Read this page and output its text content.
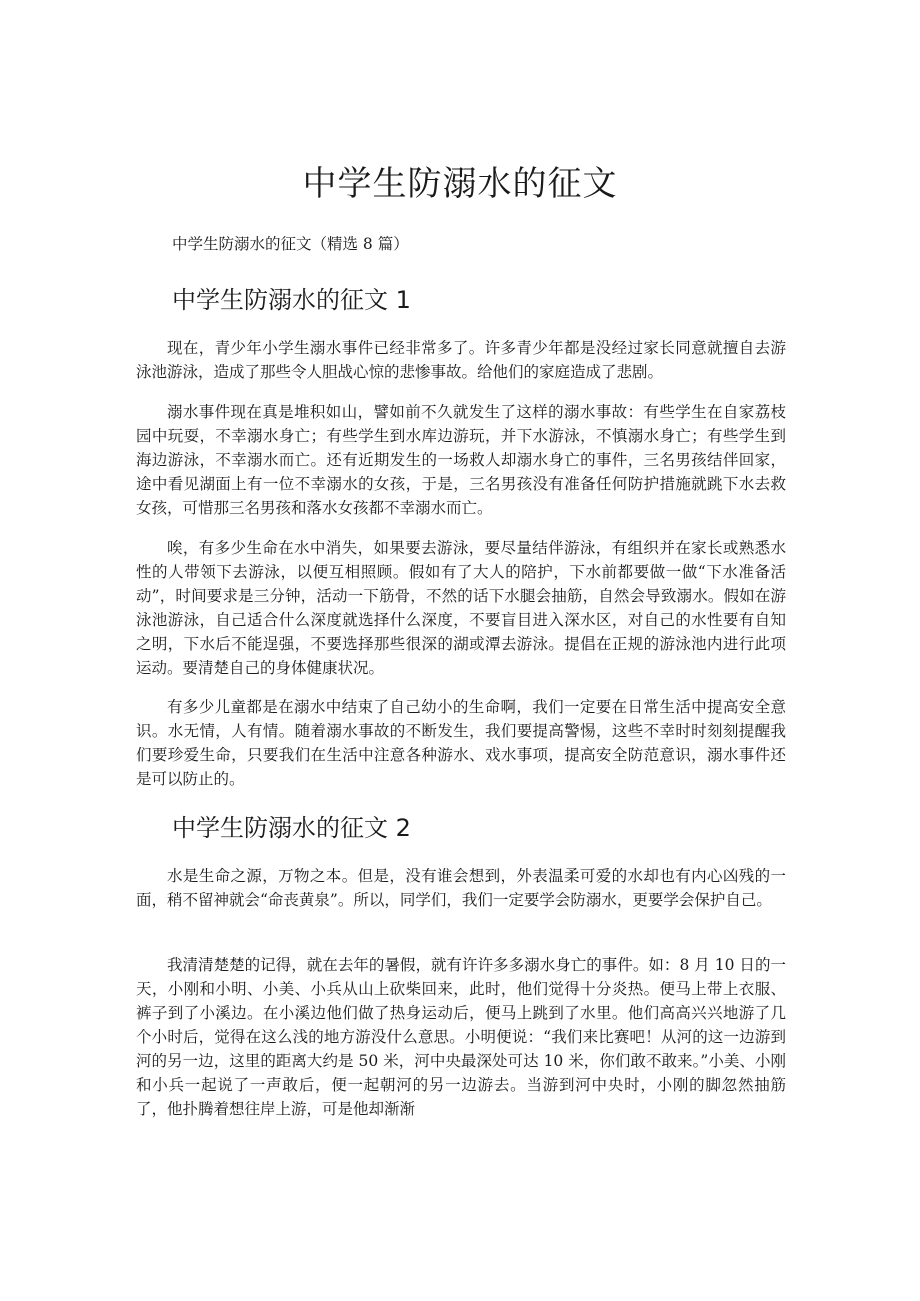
中学生防溺水的征文

中学生防溺水的征文（精选 8 篇）

中学生防溺水的征文 1

现在，青少年小学生溺水事件已经非常多了。许多青少年都是没经过家长同意就擅自去游泳池游泳，造成了那些令人胆战心惊的悲惨事故。给他们的家庭造成了悲剧。

溺水事件现在真是堆积如山，譬如前不久就发生了这样的溺水事故：有些学生在自家荔枝园中玩耍，不幸溺水身亡；有些学生到水库边游玩，并下水游泳，不慎溺水身亡；有些学生到海边游泳，不幸溺水而亡。还有近期发生的一场救人却溺水身亡的事件，三名男孩结伴回家，途中看见湖面上有一位不幸溺水的女孩，于是，三名男孩没有准备任何防护措施就跳下水去救女孩，可惜那三名男孩和落水女孩都不幸溺水而亡。

唉，有多少生命在水中消失，如果要去游泳，要尽量结伴游泳，有组织并在家长或熟悉水性的人带领下去游泳，以便互相照顾。假如有了大人的陪护，下水前都要做一做“下水准备活动”，时间要求是三分钟，活动一下筋骨，不然的话下水腿会抽筋，自然会导致溺水。假如在游泳池游泳，自己适合什么深度就选择什么深度，不要盲目进入深水区，对自己的水性要有自知之明，下水后不能逞强，不要选择那些很深的湖或潭去游泳。提倡在正规的游泳池内进行此项运动。要清楚自己的身体健康状况。

有多少儿童都是在溺水中结束了自己幼小的生命啊，我们一定要在日常生活中提高安全意识。水无情，人有情。随着溺水事故的不断发生，我们要提高警惕，这些不幸时时刻刻提醒我们要珍爱生命，只要我们在生活中注意各种游水、戏水事项，提高安全防范意识，溺水事件还是可以防止的。

中学生防溺水的征文 2

水是生命之源，万物之本。但是，没有谁会想到，外表温柔可爱的水却也有内心凶残的一面，稍不留神就会“命丧黄泉”。所以，同学们，我们一定要学会防溺水，更要学会保护自己。

我清清楚楚的记得，就在去年的暑假，就有许许多多溺水身亡的事件。如：8 月 10 日的一天，小刚和小明、小美、小兵从山上砍柴回来，此时，他们觉得十分炎热。便马上带上衣服、裤子到了小溪边。在小溪边他们做了热身运动后，便马上跳到了水里。他们高高兴兴地游了几个小时后，觉得在这么浅的地方游没什么意思。小明便说：“我们来比赛吧！从河的这一边游到河的另一边，这里的距离大约是 50 米，河中央最深处可达 10 米，你们敢不敢来。”小美、小刚和小兵一起说了一声敢后，便一起朝河的另一边游去。当游到河中央时，小刚的脚忽然抽筋了，他扑腾着想往岸上游，可是他却渐渐
